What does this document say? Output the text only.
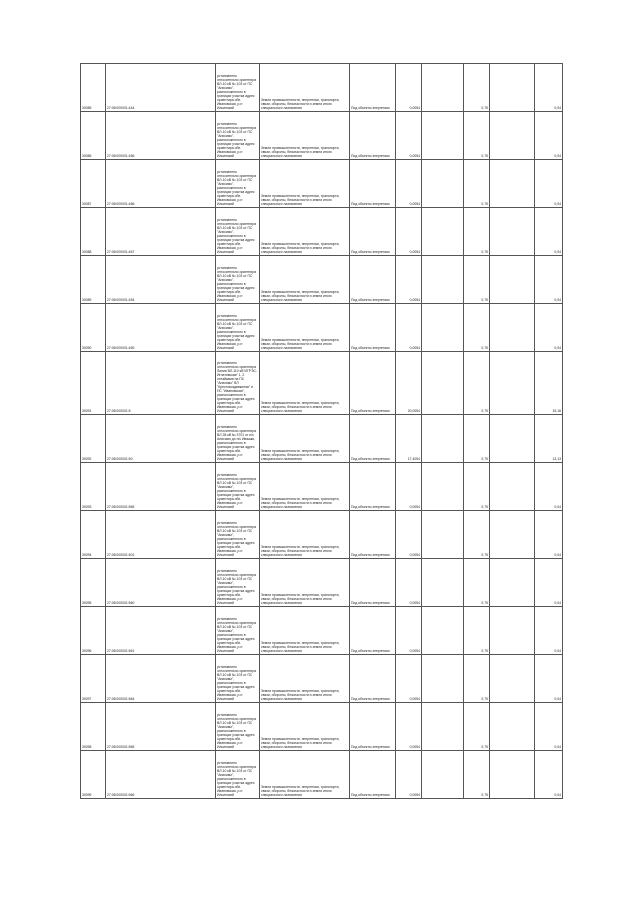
30085	27:08:000001:444	установлено относительно ориентира ВЛ-10 кВ № 103 от ПС "Анисимо", расположенного в границах участка адрес ориентира обл. Ивановская, р-н Ильинский	Земли промышленности, энергетики, транспорта, связи, обороны, безопасности и земли иного специального назначения	Под объекты энергетики	0,0054		0,75		0,04
30086	27:08:000001:456	установлено относительно ориентира ВЛ-10 кВ № 103 от ПС "Анисимо", расположенного в границах участка адрес ориентира обл. Ивановская, р-н Ильинский	Земли промышленности, энергетики, транспорта, связи, обороны, безопасности и земли иного специального назначения	Под объекты энергетики	0,0054		0,75		0,04
30087	27:08:000001:466	установлено относительно ориентира ВЛ-10 кВ № 103 от ПС "Анисимо", расположенного в границах участка адрес ориентира обл. Ивановская, р-н Ильинский	Земли промышленности, энергетики, транспорта, связи, обороны, безопасности и земли иного специального назначения	Под объекты энергетики	0,0054		0,75		0,04
30088	27:08:000001:467	установлено относительно ориентира ВЛ-10 кВ № 103 от ПС "Анисимо", расположенного в границах участка адрес ориентира обл. Ивановская, р-н Ильинский	Земли промышленности, энергетики, транспорта, связи, обороны, безопасности и земли иного специального назначения	Под объекты энергетики	0,0054		0,75		0,04
30089	27:08:000001:454	установлено относительно ориентира ВЛ-10 кВ № 103 от ПС "Анисимо", расположенного в границах участка адрес ориентира обл. Ивановская, р-н Ильинский	Земли промышленности, энергетики, транспорта, связи, обороны, безопасности и земли иного специального назначения	Под объекты энергетики	0,0054		0,75		0,04
30090	27:08:000001:469	установлено относительно ориентира ВЛ-10 кВ № 103 от ПС "Анисимо", расположенного в границах участка адрес ориентира обл. Ивановская, р-н Ильинский	Земли промышленности, энергетики, транспорта, связи, обороны, безопасности и земли иного специального назначения	Под объекты энергетики	0,0054		0,75		0,04
30091	27:08:000001:5	установлено относительно ориентира Линия ВЛ-110 кВ"ИГРЭС-Игнатовская" 1, 2 отпайками на ПС "Анисимо" ВЛ "Крестовоздвиженск" и ПС "Ивановская", расположенного в границах участка адрес ориентира обл. Ивановская, р-н Ильинский	Земли промышленности, энергетики, транспорта, связи, обороны, безопасности и земли иного специального назначения	Под объекты энергетики	20,0054		0,75		15,16
30092	27:08:000001:50	установлено относительно ориентира ВЛ-35 кВ № 3701 от п/с Анисимо до п/с Ивашки, расположенного в границах участка адрес ориентира обл. Ивановская, р-н Ильинский	Земли промышленности, энергетики, транспорта, связи, обороны, безопасности и земли иного специального назначения	Под объекты энергетики	17,4054		0,75		13,13
30093	27:08:000001:565	установлено относительно ориентира ВЛ-10 кВ № 103 от ПС "Анисимо", расположенного в границах участка адрес ориентира обл. Ивановская, р-н Ильинский	Земли промышленности, энергетики, транспорта, связи, обороны, безопасности и земли иного специального назначения	Под объекты энергетики	0,0054		0,75		0,04
30094	27:08:000001:501	установлено относительно ориентира ВЛ-10 кВ № 103 от ПС "Анисимо", расположенного в границах участка адрес ориентира обл. Ивановская, р-н Ильинский	Земли промышленности, энергетики, транспорта, связи, обороны, безопасности и земли иного специального назначения	Под объекты энергетики	0,0054		0,75		0,04
30095	27:08:000001:560	установлено относительно ориентира ВЛ-10 кВ № 103 от ПС "Анисимо", расположенного в границах участка адрес ориентира обл. Ивановская, р-н Ильинский	Земли промышленности, энергетики, транспорта, связи, обороны, безопасности и земли иного специального назначения	Под объекты энергетики	0,0054		0,75		0,04
30096	27:08:000001:561	установлено относительно ориентира ВЛ-10 кВ № 103 от ПС "Анисимо", расположенного в границах участка адрес ориентира обл. Ивановская, р-н Ильинский	Земли промышленности, энергетики, транспорта, связи, обороны, безопасности и земли иного специального назначения	Под объекты энергетики	0,0054		0,75		0,04
30097	27:08:000001:564	установлено относительно ориентира ВЛ-10 кВ № 103 от ПС "Анисимо", расположенного в границах участка адрес ориентира обл. Ивановская, р-н Ильинский	Земли промышленности, энергетики, транспорта, связи, обороны, безопасности и земли иного специального назначения	Под объекты энергетики	0,0054		0,75		0,04
30098	27:08:000001:565	установлено относительно ориентира ВЛ-10 кВ № 103 от ПС "Анисимо", расположенного в границах участка адрес ориентира обл. Ивановская, р-н Ильинский	Земли промышленности, энергетики, транспорта, связи, обороны, безопасности и земли иного специального назначения	Под объекты энергетики	0,0054		0,75		0,04
30099	27:08:000001:566	установлено относительно ориентира ВЛ-10 кВ № 103 от ПС "Анисимо", расположенного в границах участка адрес ориентира обл. Ивановская, р-н Ильинский	Земли промышленности, энергетики, транспорта, связи, обороны, безопасности и земли иного специального назначения	Под объекты энергетики	0,0054		0,75		0,04
